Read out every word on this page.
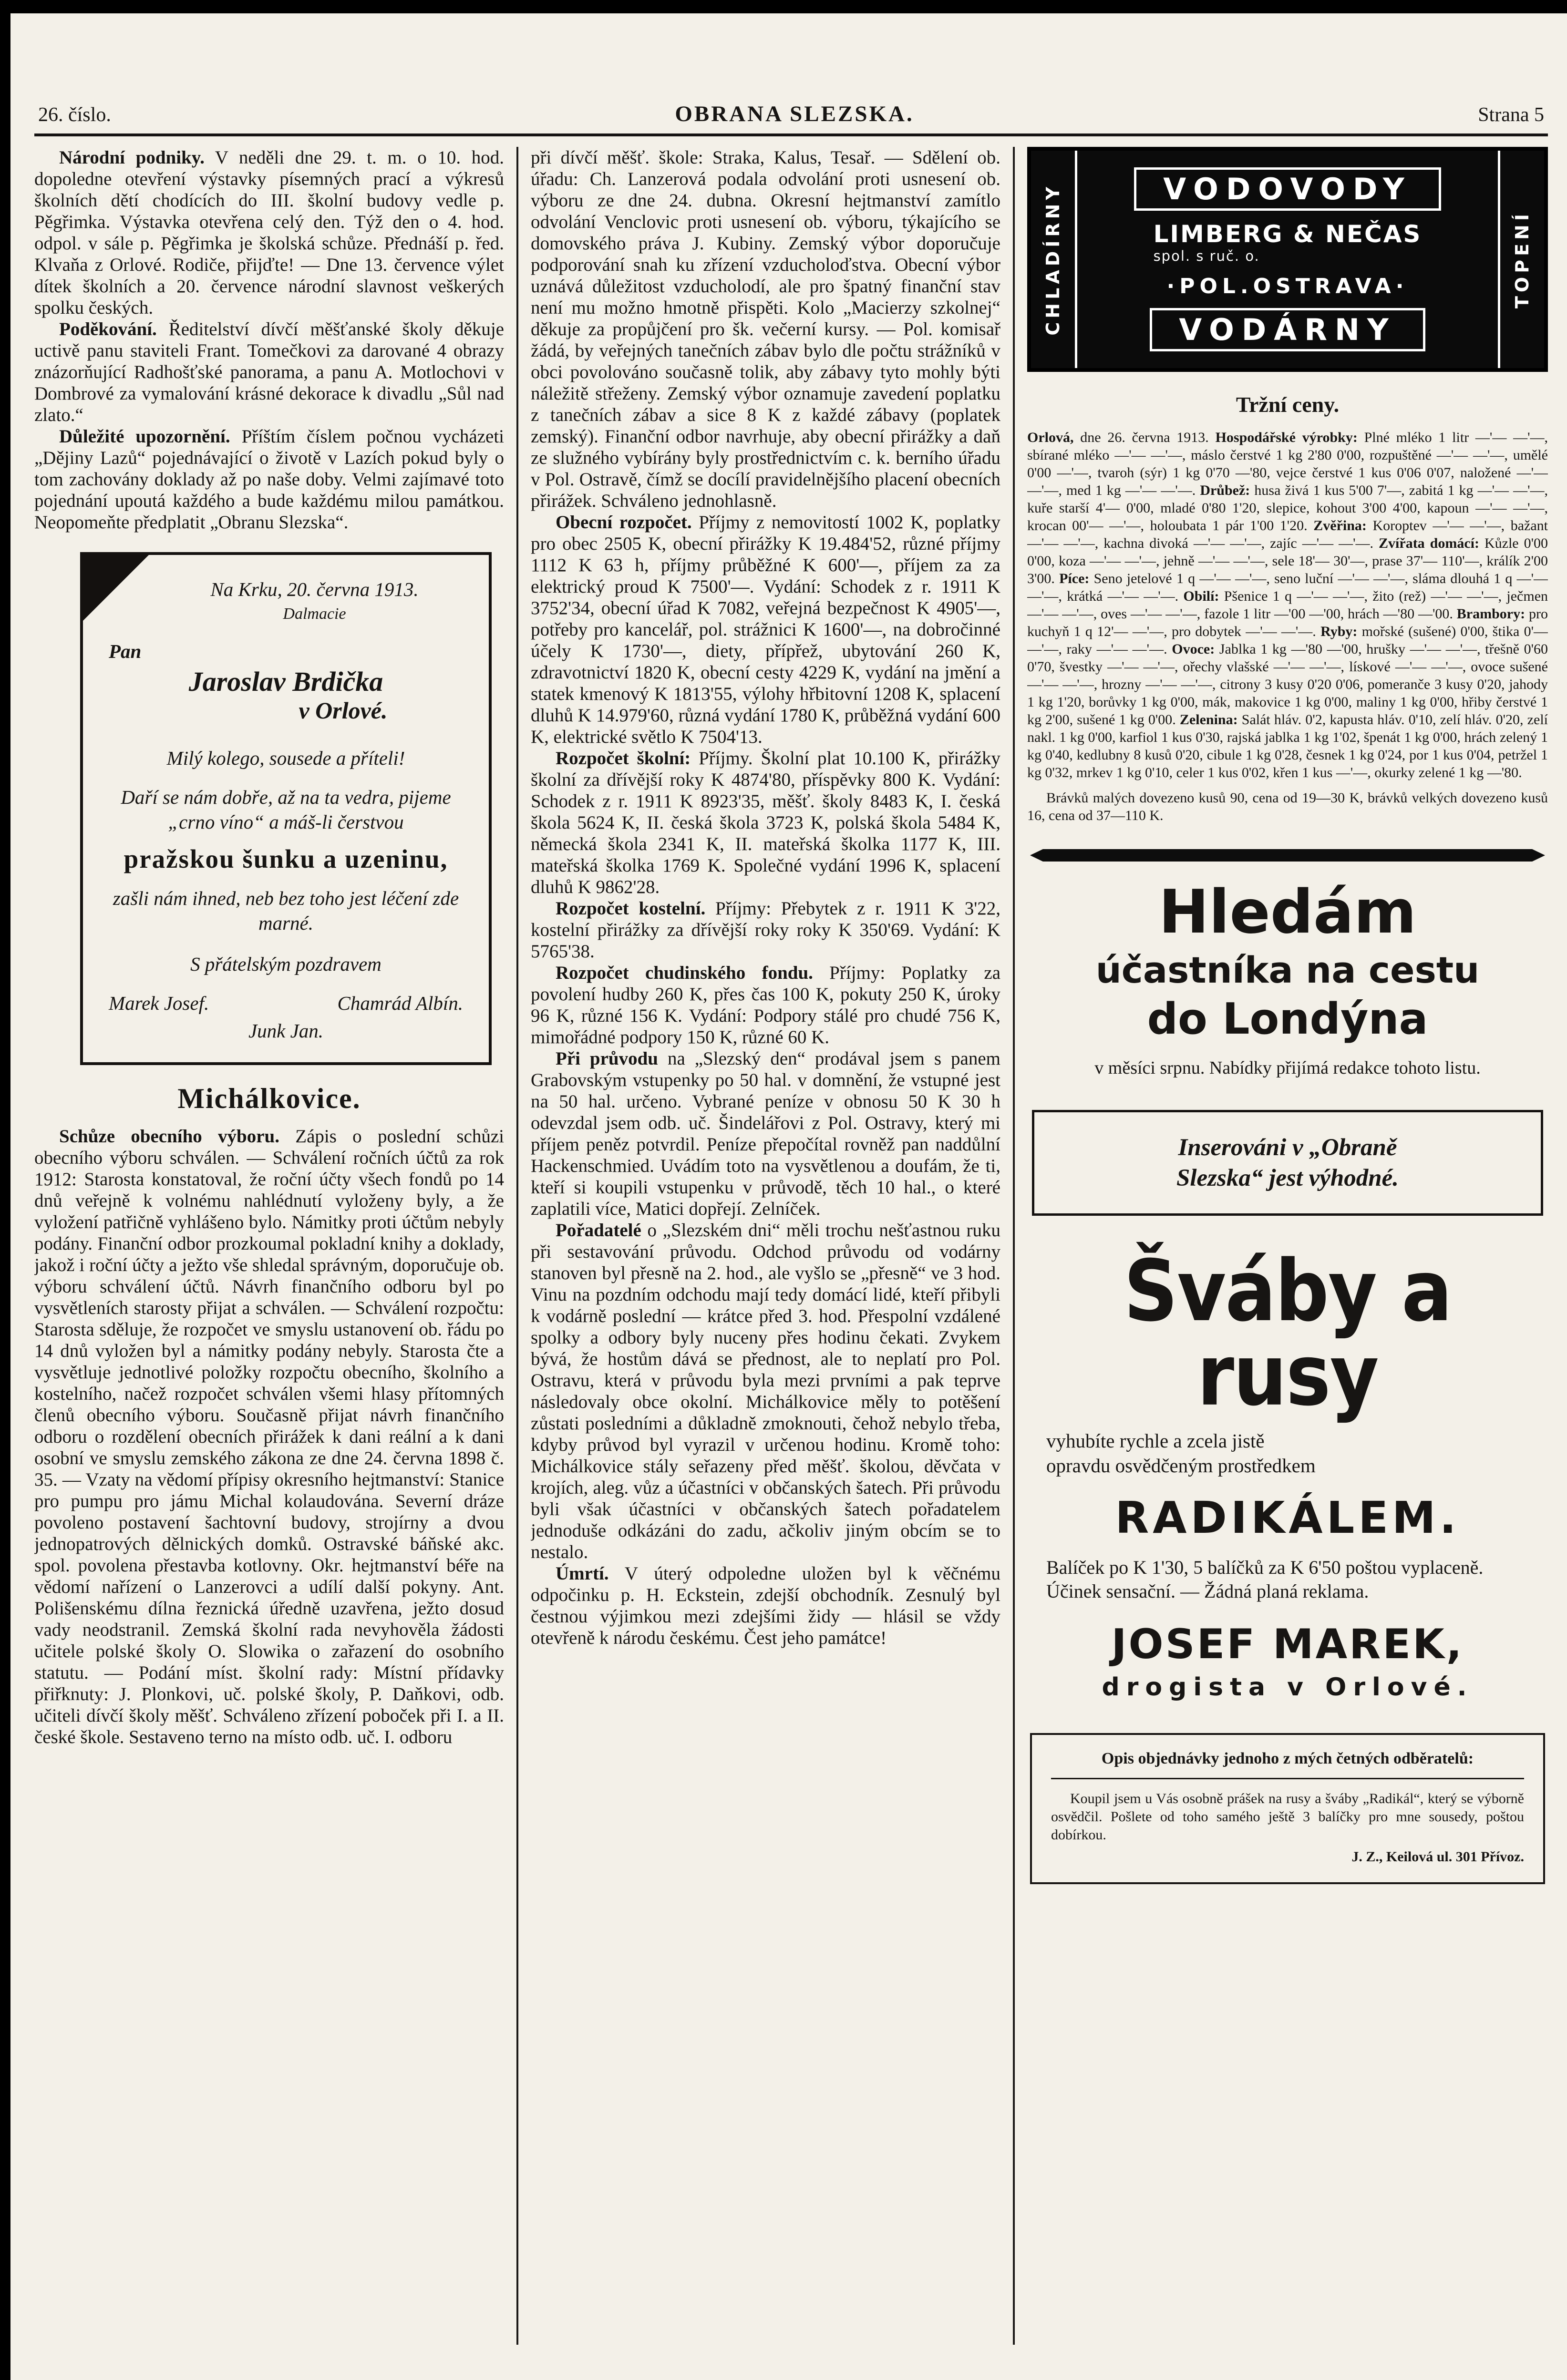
26. číslo.	OBRANA SLEZSKA.	Strana 5

Národní podniky. V neděli dne 29. t. m. o 10. hod. dopoledne otevření výstavky písemných prací a výkresů školních dětí chodících do III. školní budovy vedle p. Pěgřimka. Výstavka otevřena celý den. Týž den o 4. hod. odpol. v sále p. Pěgřimka je školská schůze. Přednáší p. řed. Klvaňa z Orlové. Rodiče, přijďte! — Dne 13. července výlet dítek školních a 20. července národní slavnost veškerých spolku českých.

Poděkování. Ředitelství dívčí měšťanské školy děkuje uctivě panu staviteli Frant. Tomečkovi za darované 4 obrazy znázorňující Radhošťské panorama, a panu A. Motlochovi v Dombrové za vymalování krásné dekorace k divadlu „Sůl nad zlato.“

Důležité upozornění. Příštím číslem počnou vycházeti „Dějiny Lazů“ pojednávající o životě v Lazích pokud byly o tom zachovány doklady až po naše doby. Velmi zajímavé toto pojednání upoutá každého a bude každému milou památkou. Neopomeňte předplatit „Obranu Slezska“.

Na Krku, 20. června 1913.
Dalmacie
Pan
Jaroslav Brdička
v Orlové.
Milý kolego, sousede a příteli!
Daří se nám dobře, až na ta vedra, pijeme „crno víno“ a máš-li čerstvou
pražskou šunku a uzeninu,
zašli nám ihned, neb bez toho jest léčení zde marné.
S přátelským pozdravem
Marek Josef.	Chamrád Albín.
Junk Jan.
Michálkovice.

Schůze obecního výboru. Zápis o poslední schůzi obecního výboru schválen. — Schválení ročních účtů za rok 1912: Starosta konstatoval, že roční účty všech fondů po 14 dnů veřejně k volnému nahlédnutí vyloženy byly, a že vyložení patřičně vyhlášeno bylo. Námitky proti účtům nebyly podány. Finanční odbor prozkoumal pokladní knihy a doklady, jakož i roční účty a ježto vše shledal správným, doporučuje ob. výboru schválení účtů. Návrh finančního odboru byl po vysvětleních starosty přijat a schválen. — Schválení rozpočtu: Starosta sděluje, že rozpočet ve smyslu ustanovení ob. řádu po 14 dnů vyložen byl a námitky podány nebyly. Starosta čte a vysvětluje jednotlivé položky rozpočtu obecního, školního a kostelního, načež rozpočet schválen všemi hlasy přítomných členů obecního výboru. Současně přijat návrh finančního odboru o rozdělení obecních přirážek k dani reální a k dani osobní ve smyslu zemského zákona ze dne 24. června 1898 č. 35. — Vzaty na vědomí přípisy okresního hejtmanství: Stanice pro pumpu pro jámu Michal kolaudována. Severní dráze povoleno postavení šachtovní budovy, strojírny a dvou jednopatrových dělnických domků. Ostravské báňské akc. spol. povolena přestavba kotlovny. Okr. hejtmanství béře na vědomí nařízení o Lanzerovci a udílí další pokyny. Ant. Polišenskému dílna řeznická úředně uzavřena, ježto dosud vady neodstranil. Zemská školní rada nevyhověla žádosti učitele polské školy O. Slowika o zařazení do osobního statutu. — Podání míst. školní rady: Místní přídavky přiřknuty: J. Plonkovi, uč. polské školy, P. Daňkovi, odb. učiteli dívčí školy měšť. Schváleno zřízení poboček při I. a II. české škole. Sestaveno terno na místo odb. uč. I. odboru

při dívčí měšť. škole: Straka, Kalus, Tesař. — Sdělení ob. úřadu: Ch. Lanzerová podala odvolání proti usnesení ob. výboru ze dne 24. dubna. Okresní hejtmanství zamítlo odvolání Venclovic proti usnesení ob. výboru, týkajícího se domovského práva J. Kubiny. Zemský výbor doporučuje podporování snah ku zřízení vzducholoďstva. Obecní výbor uznává důležitost vzducholodí, ale pro špatný finanční stav není mu možno hmotně přispěti. Kolo „Macierzy szkolnej“ děkuje za propůjčení pro šk. večerní kursy. — Pol. komisař žádá, by veřejných tanečních zábav bylo dle počtu strážníků v obci povolováno současně tolik, aby zábavy tyto mohly býti náležitě střeženy. Zemský výbor oznamuje zavedení poplatku z tanečních zábav a sice 8 K z každé zábavy (poplatek zemský). Finanční odbor navrhuje, aby obecní přirážky a daň ze služného vybírány byly prostřednictvím c. k. berního úřadu v Pol. Ostravě, čímž se docílí pravidelnějšího placení obecních přirážek. Schváleno jednohlasně.

Obecní rozpočet. Příjmy z nemovitostí 1002 K, poplatky pro obec 2505 K, obecní přirážky K 19.484'52, různé příjmy 1112 K 63 h, příjmy průběžné K 600'—, příjem za za elektrický proud K 7500'—. Vydání: Schodek z r. 1911 K 3752'34, obecní úřad K 7082, veřejná bezpečnost K 4905'—, potřeby pro kancelář, pol. strážnici K 1600'—, na dobročinné účely K 1730'—, diety, přípřež, ubytování 260 K, zdravotnictví 1820 K, obecní cesty 4229 K, vydání na jmění a statek kmenový K 1813'55, výlohy hřbitovní 1208 K, splacení dluhů K 14.979'60, různá vydání 1780 K, průběžná vydání 600 K, elektrické světlo K 7504'13.

Rozpočet školní: Příjmy. Školní plat 10.100 K, přirážky školní za dřívější roky K 4874'80, příspěvky 800 K. Vydání: Schodek z r. 1911 K 8923'35, měšť. školy 8483 K, I. česká škola 5624 K, II. česká škola 3723 K, polská škola 5484 K, německá škola 2341 K, II. mateřská školka 1177 K, III. mateřská školka 1769 K. Společné vydání 1996 K, splacení dluhů K 9862'28.

Rozpočet kostelní. Příjmy: Přebytek z r. 1911 K 3'22, kostelní přirážky za dřívější roky roky K 350'69. Vydání: K 5765'38.

Rozpočet chudinského fondu. Příjmy: Poplatky za povolení hudby 260 K, přes čas 100 K, pokuty 250 K, úroky 96 K, různé 156 K. Vydání: Podpory stálé pro chudé 756 K, mimořádné podpory 150 K, různé 60 K.

Při průvodu na „Slezský den“ prodával jsem s panem Grabovským vstupenky po 50 hal. v domnění, že vstupné jest na 50 hal. určeno. Vybrané peníze v obnosu 50 K 30 h odevzdal jsem odb. uč. Šindelářovi z Pol. Ostravy, který mi příjem peněz potvrdil. Peníze přepočítal rovněž pan naddůlní Hackenschmied. Uvádím toto na vysvětlenou a doufám, že ti, kteří si koupili vstupenku v průvodě, těch 10 hal., o které zaplatili více, Matici dopřejí. Zelníček.

Pořadatelé o „Slezském dni“ měli trochu nešťastnou ruku při sestavování průvodu. Odchod průvodu od vodárny stanoven byl přesně na 2. hod., ale vyšlo se „přesně“ ve 3 hod. Vinu na pozdním odchodu mají tedy domácí lidé, kteří přibyli k vodárně poslední — krátce před 3. hod. Přespolní vzdálené spolky a odbory byly nuceny přes hodinu čekati. Zvykem bývá, že hostům dává se přednost, ale to neplatí pro Pol. Ostravu, která v průvodu byla mezi prvními a pak teprve následovaly obce okolní. Michálkovice měly to potěšení zůstati posledními a důkladně zmoknouti, čehož nebylo třeba, kdyby průvod byl vyrazil v určenou hodinu. Kromě toho: Michálkovice stály seřazeny před měšť. školou, děvčata v krojích, aleg. vůz a účastníci v občanských šatech. Při průvodu byli však účastníci v občanských šatech pořadatelem jednoduše odkázáni do zadu, ačkoliv jiným obcím se to nestalo.

Úmrtí. V úterý odpoledne uložen byl k věčnému odpočinku p. H. Eckstein, zdejší obchodník. Zesnulý byl čestnou výjimkou mezi zdejšími židy — hlásil se vždy otevřeně k národu českému. Čest jeho památce!

CHLADÍRNY	VODOVODY
LIMBERG & NEČAS
spol. s ruč. o.
·POL.OSTRAVA·
VODÁRNY
TOPENÍ
Tržní ceny.

Orlová, dne 26. června 1913. Hospodářské výrobky: Plné mléko 1 litr —'— —'—, sbírané mléko —'— —'—, máslo čerstvé 1 kg 2'80 0'00, rozpuštěné —'— —'—, umělé 0'00 —'—, tvaroh (sýr) 1 kg 0'70 —'80, vejce čerstvé 1 kus 0'06 0'07, naložené —'— —'—, med 1 kg —'— —'—. Drůbež: husa živá 1 kus 5'00 7'—, zabitá 1 kg —'— —'—, kuře starší 4'— 0'00, mladé 0'80 1'20, slepice, kohout 3'00 4'00, kapoun —'— —'—, krocan 00'— —'—, holoubata 1 pár 1'00 1'20. Zvěřina: Koroptev —'— —'—, bažant —'— —'—, kachna divoká —'— —'—, zajíc —'— —'—. Zvířata domácí: Kůzle 0'00 0'00, koza —'— —'—, jehně —'— —'—, sele 18'— 30'—, prase 37'— 110'—, králík 2'00 3'00. Píce: Seno jetelové 1 q —'— —'—, seno luční —'— —'—, sláma dlouhá 1 q —'— —'—, krátká —'— —'—. Obilí: Pšenice 1 q —'— —'—, žito (rež) —'— —'—, ječmen —'— —'—, oves —'— —'—, fazole 1 litr —'00 —'00, hrách —'80 —'00. Brambory: pro kuchyň 1 q 12'— —'—, pro dobytek —'— —'—. Ryby: mořské (sušené) 0'00, štika 0'— —'—, raky —'— —'—. Ovoce: Jablka 1 kg —'80 —'00, hrušky —'— —'—, třešně 0'60 0'70, švestky —'— —'—, ořechy vlašské —'— —'—, lískové —'— —'—, ovoce sušené —'— —'—, hrozny —'— —'—, citrony 3 kusy 0'20 0'06, pomeranče 3 kusy 0'20, jahody 1 kg 1'20, borůvky 1 kg 0'00, mák, makovice 1 kg 0'00, maliny 1 kg 0'00, hřiby čerstvé 1 kg 2'00, sušené 1 kg 0'00. Zelenina: Salát hláv. 0'2, kapusta hláv. 0'10, zelí hláv. 0'20, zelí nakl. 1 kg 0'00, karfiol 1 kus 0'30, rajská jablka 1 kg 1'02, špenát 1 kg 0'00, hrách zelený 1 kg 0'40, kedlubny 8 kusů 0'20, cibule 1 kg 0'28, česnek 1 kg 0'24, por 1 kus 0'04, petržel 1 kg 0'32, mrkev 1 kg 0'10, celer 1 kus 0'02, křen 1 kus —'—, okurky zelené 1 kg —'80.

Brávků malých dovezeno kusů 90, cena od 19—30 K, brávků velkých dovezeno kusů 16, cena od 37—110 K.

Hledám
účastníka na cestu
do Londýna

v měsíci srpnu. Nabídky přijímá redakce tohoto listu.

Inserováni v „Obraně
Slezska“ jest výhodné.
Šváby a rusy

vyhubíte rychle a zcela jistě

opravdu osvědčeným prostředkem

RADIKÁLEM.

Balíček po K 1'30, 5 balíčků za K 6'50 poštou vyplaceně. Účinek sensační. — Žádná planá reklama.

JOSEF MAREK,
drogista v Orlové.

Opis objednávky jednoho z mých četných odběratelů:

Koupil jsem u Vás osobně prášek na rusy a šváby „Radikál“, který se výborně osvědčil. Pošlete od toho samého ještě 3 balíčky pro mne sousedy, poštou dobírkou.

J. Z., Keilová ul. 301 Přívoz.
